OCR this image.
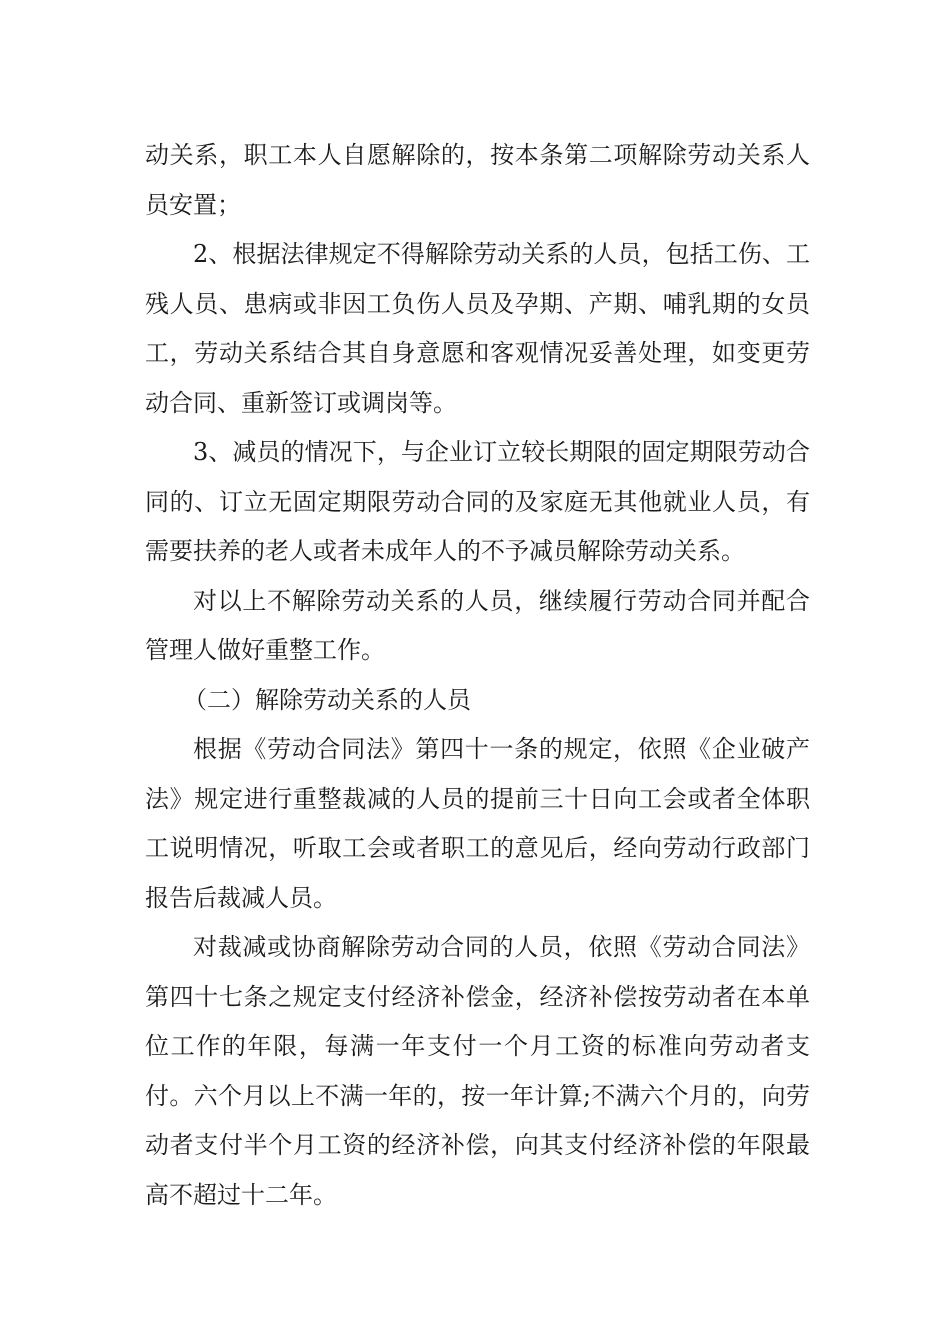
动关系，职工本人自愿解除的，按本条第二项解除劳动关系人员安置；

2、根据法律规定不得解除劳动关系的人员，包括工伤、工残人员、患病或非因工负伤人员及孕期、产期、哺乳期的女员工，劳动关系结合其自身意愿和客观情况妥善处理，如变更劳动合同、重新签订或调岗等。

3、减员的情况下，与企业订立较长期限的固定期限劳动合同的、订立无固定期限劳动合同的及家庭无其他就业人员，有需要扶养的老人或者未成年人的不予减员解除劳动关系。

对以上不解除劳动关系的人员，继续履行劳动合同并配合管理人做好重整工作。

（二）解除劳动关系的人员

根据《劳动合同法》第四十一条的规定，依照《企业破产法》规定进行重整裁减的人员的提前三十日向工会或者全体职工说明情况，听取工会或者职工的意见后，经向劳动行政部门报告后裁减人员。

对裁减或协商解除劳动合同的人员，依照《劳动合同法》第四十七条之规定支付经济补偿金，经济补偿按劳动者在本单位工作的年限，每满一年支付一个月工资的标准向劳动者支付。六个月以上不满一年的，按一年计算;不满六个月的，向劳动者支付半个月工资的经济补偿，向其支付经济补偿的年限最高不超过十二年。
